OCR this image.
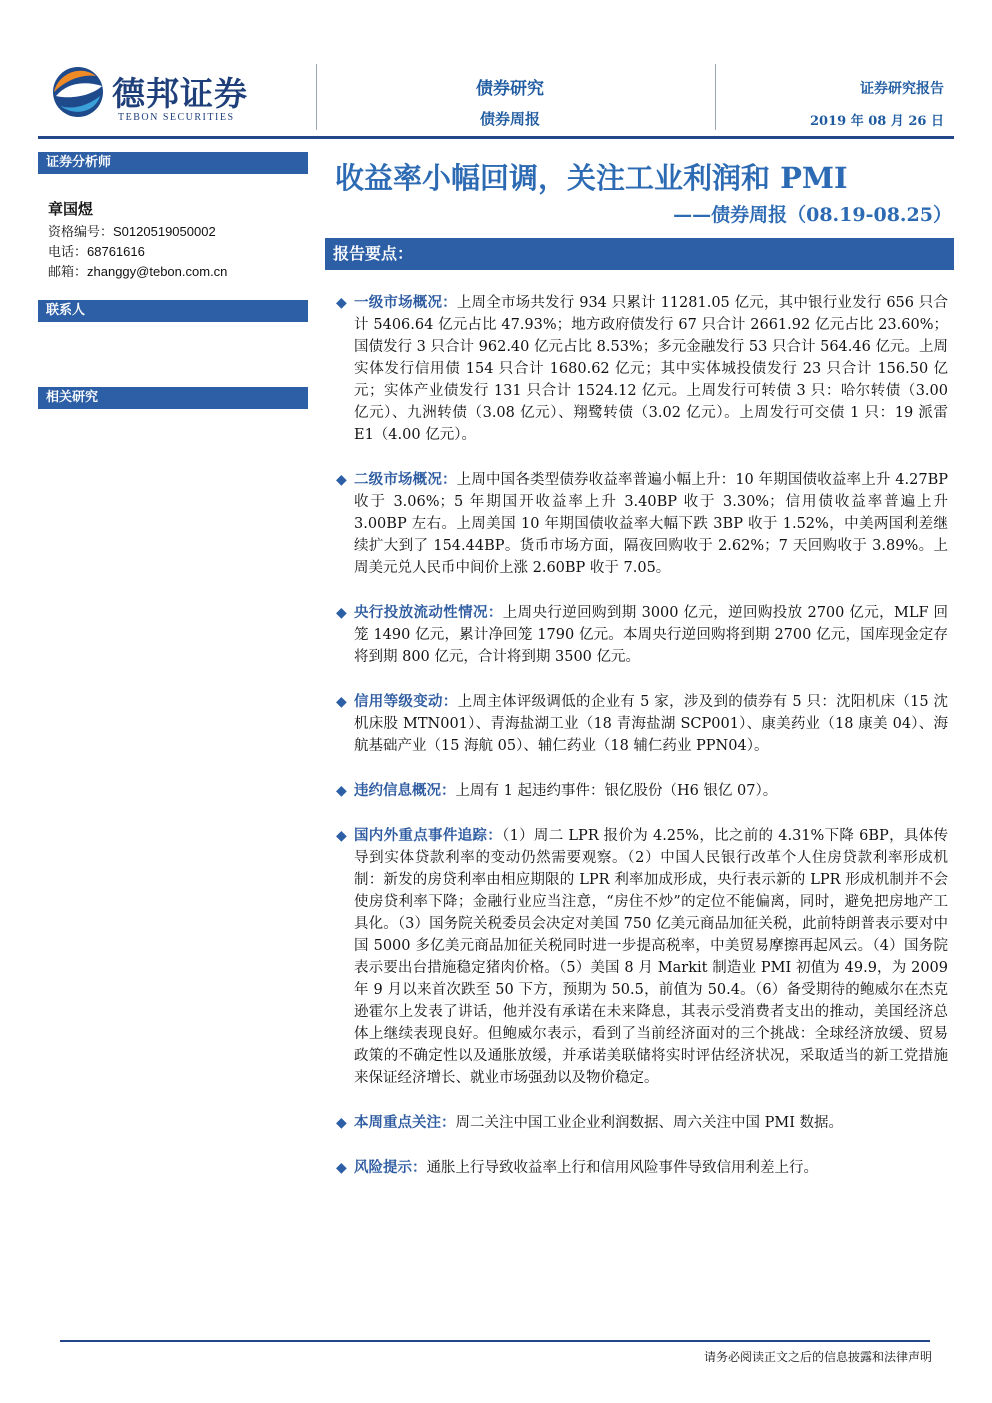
德邦证券
TEBON SECURITIES
债券研究
债券周报
证券研究报告
2019 年 08 月 26 日
证券分析师
章国煜
资格编号：S0120519050002
电话：68761616
邮箱：zhanggy@tebon.com.cn
联系人
相关研究
收益率小幅回调，关注工业利润和 PMI
——债券周报（08.19-08.25）
报告要点：
◆ 一级市场概况：上周全市场共发行 934 只累计 11281.05 亿元，其中银行业发行 656 只合计 5406.64 亿元占比 47.93%；地方政府债发行 67 只合计 2661.92 亿元占比 23.60%；国债发行 3 只合计 962.40 亿元占比 8.53%；多元金融发行 53 只合计 564.46 亿元。上周实体发行信用债 154 只合计 1680.62 亿元；其中实体城投债发行 23 只合计 156.50 亿元；实体产业债发行 131 只合计 1524.12 亿元。上周发行可转债 3 只：哈尔转债（3.00 亿元）、九洲转债（3.08 亿元）、翔鹭转债（3.02 亿元）。上周发行可交债 1 只：19 派雷 E1（4.00 亿元）。
◆ 二级市场概况：上周中国各类型债券收益率普遍小幅上升：10 年期国债收益率上升 4.27BP 收于 3.06%；5 年期国开收益率上升 3.40BP 收于 3.30%；信用债收益率普遍上升 3.00BP 左右。上周美国 10 年期国债收益率大幅下跌 3BP 收于 1.52%，中美两国利差继续扩大到了 154.44BP。货币市场方面，隔夜回购收于 2.62%；7 天回购收于 3.89%。上周美元兑人民币中间价上涨 2.60BP 收于 7.05。
◆ 央行投放流动性情况：上周央行逆回购到期 3000 亿元，逆回购投放 2700 亿元，MLF 回笼 1490 亿元，累计净回笼 1790 亿元。本周央行逆回购将到期 2700 亿元，国库现金定存将到期 800 亿元，合计将到期 3500 亿元。
◆ 信用等级变动：上周主体评级调低的企业有 5 家，涉及到的债券有 5 只：沈阳机床（15 沈机床股 MTN001）、青海盐湖工业（18 青海盐湖 SCP001）、康美药业（18 康美 04）、海航基础产业（15 海航 05）、辅仁药业（18 辅仁药业 PPN04）。
◆ 违约信息概况：上周有 1 起违约事件：银亿股份（H6 银亿 07）。
◆ 国内外重点事件追踪：（1）周二 LPR 报价为 4.25%，比之前的 4.31%下降 6BP，具体传导到实体贷款利率的变动仍然需要观察。（2）中国人民银行改革个人住房贷款利率形成机制：新发的房贷利率由相应期限的 LPR 利率加成形成，央行表示新的 LPR 形成机制并不会使房贷利率下降；金融行业应当注意，“房住不炒”的定位不能偏离，同时，避免把房地产工具化。（3）国务院关税委员会决定对美国 750 亿美元商品加征关税，此前特朗普表示要对中国 5000 多亿美元商品加征关税同时进一步提高税率，中美贸易摩擦再起风云。（4）国务院表示要出台措施稳定猪肉价格。（5）美国 8 月 Markit 制造业 PMI 初值为 49.9，为 2009 年 9 月以来首次跌至 50 下方，预期为 50.5，前值为 50.4。（6）备受期待的鲍威尔在杰克逊霍尔上发表了讲话，他并没有承诺在未来降息，其表示受消费者支出的推动，美国经济总体上继续表现良好。但鲍威尔表示，看到了当前经济面对的三个挑战：全球经济放缓、贸易政策的不确定性以及通胀放缓，并承诺美联储将实时评估经济状况，采取适当的新工党措施来保证经济增长、就业市场强劲以及物价稳定。
◆ 本周重点关注：周二关注中国工业企业利润数据、周六关注中国 PMI 数据。
◆ 风险提示：通胀上行导致收益率上行和信用风险事件导致信用利差上行。
请务必阅读正文之后的信息披露和法律声明
